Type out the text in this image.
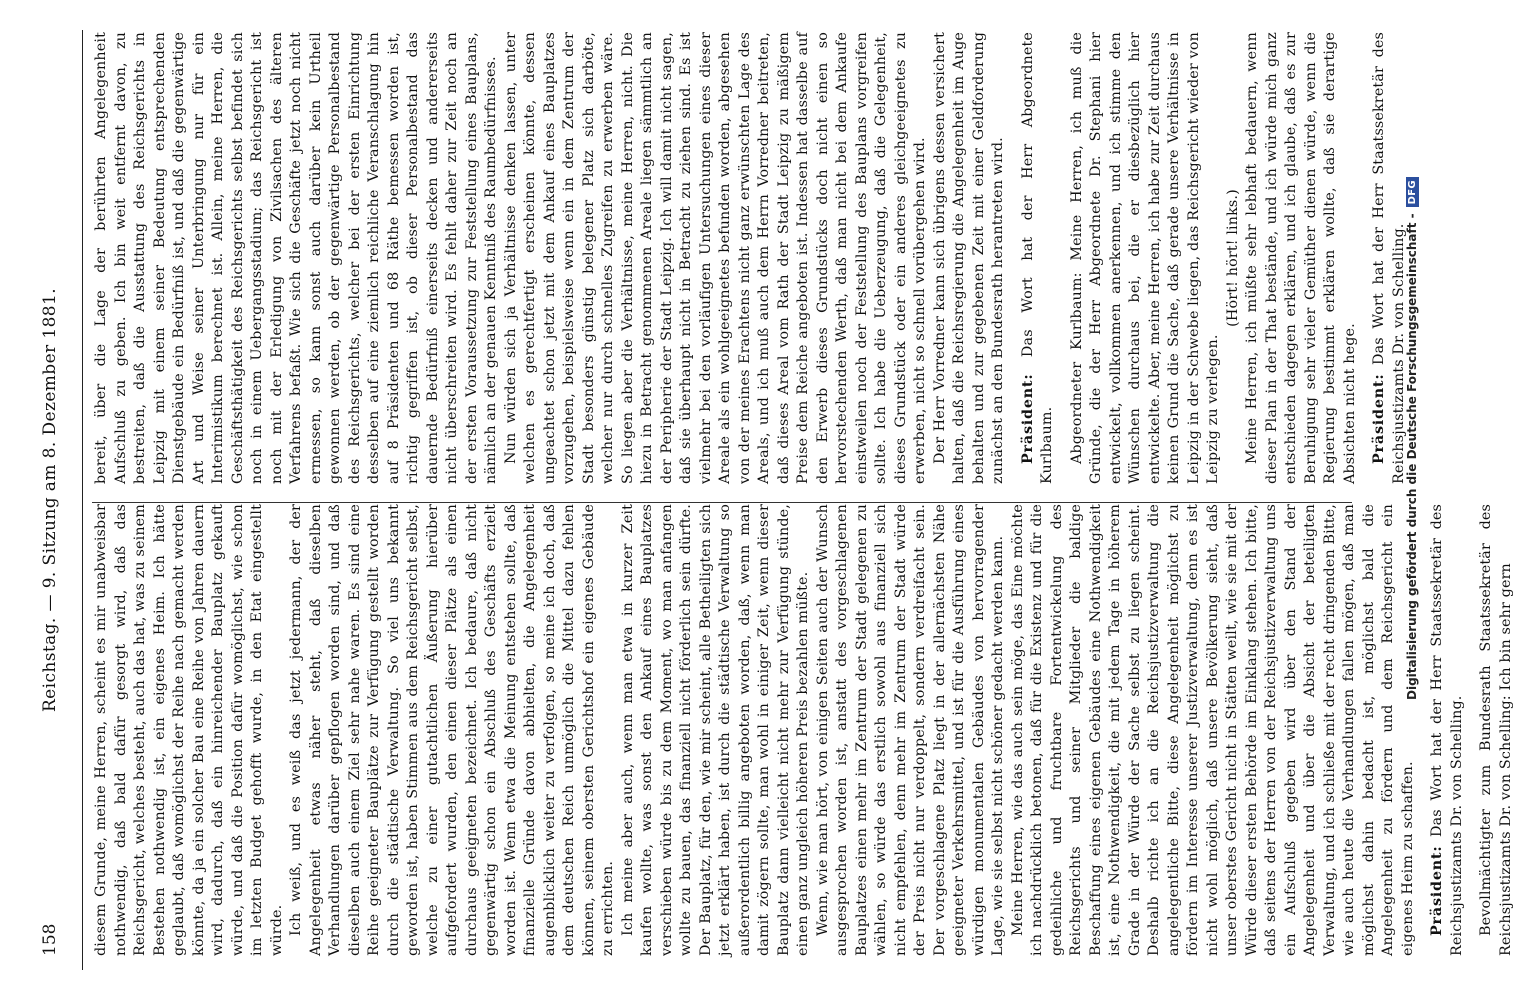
158
Reichstag. — 9. Sitzung am 8. Dezember 1881.

diesem Grunde, meine Herren, scheint es mir unabweisbar nothwendig, daß bald dafür gesorgt wird, daß das Reichsgericht, welches besteht, auch das hat, was zu seinem Bestehen nothwendig ist, ein eigenes Heim. Ich hätte geglaubt, daß womöglichst der Reihe nach gemacht werden könnte, da ja ein solcher Bau eine Reihe von Jahren dauern wird, dadurch, daß ein hinreichender Bauplatz gekauft würde, und daß die Position dafür womöglichst, wie schon im letzten Budget gehofft wurde, in den Etat eingestellt würde. Ich weiß, und es weiß das jetzt jedermann, der der Angelegenheit etwas näher steht, daß dieselben Verhandlungen darüber gepflogen worden sind, und daß dieselben auch einem Ziel sehr nahe waren. Es sind eine Reihe geeigneter Bauplätze zur Verfügung gestellt worden durch die städtische Verwaltung. So viel uns bekannt geworden ist, haben Stimmen aus dem Reichsgericht selbst, welche zu einer gutachtlichen Äußerung hierüber aufgefordert wurden, den einen dieser Plätze als einen durchaus geeigneten bezeichnet. Ich bedaure, daß nicht gegenwärtig schon ein Abschluß des Geschäfts erzielt worden ist. Wenn etwa die Meinung entstehen sollte, daß finanzielle Gründe davon abhielten, die Angelegenheit augenblicklich weiter zu verfolgen, so meine ich doch, daß dem deutschen Reich unmöglich die Mittel dazu fehlen können, seinem obersten Gerichtshof ein eigenes Gebäude zu errichten. Ich meine aber auch, wenn man etwa in kurzer Zeit kaufen wollte, was sonst den Ankauf eines Bauplatzes verschieben würde bis zu dem Moment, wo man anfangen wollte zu bauen, das finanziell nicht förderlich sein dürfte. Der Bauplatz, für den, wie mir scheint, alle Betheiligten sich jetzt erklärt haben, ist durch die städtische Verwaltung so außerordentlich billig angeboten worden, daß, wenn man damit zögern sollte, man wohl in einiger Zeit, wenn dieser Bauplatz dann vielleicht nicht mehr zur Verfügung stünde, einen ganz ungleich höheren Preis bezahlen müßte. Wenn, wie man hört, von einigen Seiten auch der Wunsch ausgesprochen worden ist, anstatt des vorgeschlagenen Bauplatzes einen mehr im Zentrum der Stadt gelegenen zu wählen, so würde das erstlich sowohl aus finanziell sich nicht empfehlen, denn mehr im Zentrum der Stadt würde der Preis nicht nur verdoppelt, sondern verdreifacht sein. Der vorgeschlagene Platz liegt in der allernächsten Nähe geeigneter Verkehrsmittel, und ist für die Ausführung eines würdigen monumentalen Gebäudes von hervorragender Lage, wie sie selbst nicht schöner gedacht werden kann. Meine Herren, wie das auch sein möge, das Eine möchte ich nachdrücklich betonen, daß für die Existenz und für die gedeihliche und fruchtbare Fortentwickelung des Reichsgerichts und seiner Mitglieder die baldige Beschaffung eines eigenen Gebäudes eine Nothwendigkeit ist, eine Nothwendigkeit, die mit jedem Tage in höherem Grade in der Würde der Sache selbst zu liegen scheint. Deshalb richte ich an die Reichsjustizverwaltung die angelegentliche Bitte, diese Angelegenheit möglichst zu fördern im Interesse unserer Justizverwaltung, denn es ist nicht wohl möglich, daß unsere Bevölkerung sieht, daß unser oberstes Gericht nicht in Stätten weilt, wie sie mit der Würde dieser ersten Behörde im Einklang stehen. Ich bitte, daß seitens der Herren von der Reichsjustizverwaltung uns ein Aufschluß gegeben wird über den Stand der Angelegenheit und über die Absicht der beteiligten Verwaltung, und ich schließe mit der recht dringenden Bitte, wie auch heute die Verhandlungen fallen mögen, daß man möglichst dahin bedacht ist, möglichst bald die Angelegenheit zu fördern und dem Reichsgericht ein eigenes Heim zu schaffen. Präsident: Das Wort hat der Herr Staatssekretär des Reichsjustizamts Dr. von Schelling. Bevollmächtigter zum Bundesrath Staatssekretär des Reichsjustizamts Dr. von Schelling: Ich bin sehr gern

bereit, über die Lage der berührten Angelegenheit Aufschluß zu geben. Ich bin weit entfernt davon, zu bestreiten, daß die Ausstattung des Reichsgerichts in Leipzig mit einem seiner Bedeutung entsprechenden Dienstgebäude ein Bedürfniß ist, und daß die gegenwärtige Art und Weise seiner Unterbringung nur für ein Interimistikum berechnet ist. Allein, meine Herren, die Geschäftsthätigkeit des Reichsgerichts selbst befindet sich noch in einem Uebergangsstadium; das Reichsgericht ist noch mit der Erledigung von Zivilsachen des älteren Verfahrens befaßt. Wie sich die Geschäfte jetzt noch nicht ermessen, so kann sonst auch darüber kein Urtheil gewonnen werden, ob der gegenwärtige Personalbestand des Reichsgerichts, welcher bei der ersten Einrichtung desselben auf eine ziemlich reichliche Veranschlagung hin auf 8 Präsidenten und 68 Räthe bemessen worden ist, richtig gegriffen ist, ob dieser Personalbestand das dauernde Bedürfniß einerseits decken und andererseits nicht überschreiten wird. Es fehlt daher zur Zeit noch an der ersten Voraussetzung zur Feststellung eines Bauplans, nämlich an der genauen Kenntniß des Raumbedürfnisses. Nun würden sich ja Verhältnisse denken lassen, unter welchen es gerechtfertigt erscheinen könnte, dessen ungeachtet schon jetzt mit dem Ankauf eines Bauplatzes vorzugehen, beispielsweise wenn ein in dem Zentrum der Stadt besonders günstig belegener Platz sich darböte, welcher nur durch schnelles Zugreifen zu erwerben wäre. So liegen aber die Verhältnisse, meine Herren, nicht. Die hiezu in Betracht genommenen Areale liegen sämmtlich an der Peripherie der Stadt Leipzig. Ich will damit nicht sagen, daß sie überhaupt nicht in Betracht zu ziehen sind. Es ist vielmehr bei den vorläufigen Untersuchungen eines dieser Areale als ein wohlgeeignetes befunden worden, abgesehen von der meines Erachtens nicht ganz erwünschten Lage des Areals, und ich muß auch dem Herrn Vorredner beitreten, daß dieses Areal vom Rath der Stadt Leipzig zu mäßigem Preise dem Reiche angeboten ist. Indessen hat dasselbe auf den Erwerb dieses Grundstücks doch nicht einen so hervorstechenden Werth, daß man nicht bei dem Ankaufe einstweilen noch der Feststellung des Bauplans vorgreifen sollte. Ich habe die Ueberzeugung, daß die Gelegenheit, dieses Grundstück oder ein anderes gleichgeeignetes zu erwerben, nicht so schnell vorübergehen wird. Der Herr Vorredner kann sich übrigens dessen versichert halten, daß die Reichsregierung die Angelegenheit im Auge behalten und zur gegebenen Zeit mit einer Geldforderung zunächst an den Bundesrath herantreten wird. Präsident: Das Wort hat der Herr Abgeordnete Kurlbaum. Abgeordneter Kurlbaum: Meine Herren, ich muß die Gründe, die der Herr Abgeordnete Dr. Stephani hier entwickelt, vollkommen anerkennen, und ich stimme den Wünschen durchaus bei, die er diesbezüglich hier entwickelte. Aber, meine Herren, ich habe zur Zeit durchaus keinen Grund die Sache, daß gerade unsere Verhältnisse in Leipzig in der Schwebe liegen, das Reichsgericht wieder von Leipzig zu verlegen.

(Hört! hört! links.) Meine Herren, ich müßte sehr lebhaft bedauern, wenn dieser Plan in der That bestände, und ich würde mich ganz entschieden dagegen erklären, und ich glaube, daß es zur Beruhigung sehr vieler Gemüther dienen würde, wenn die Regierung bestimmt erklären wollte, daß sie derartige Absichten nicht hege. Präsident: Das Wort hat der Herr Staatssekretär des Reichsjustizamts Dr. von Schelling.

Digitalisierung gefördert durch die Deutsche Forschungsgemeinschaft -
DFG
